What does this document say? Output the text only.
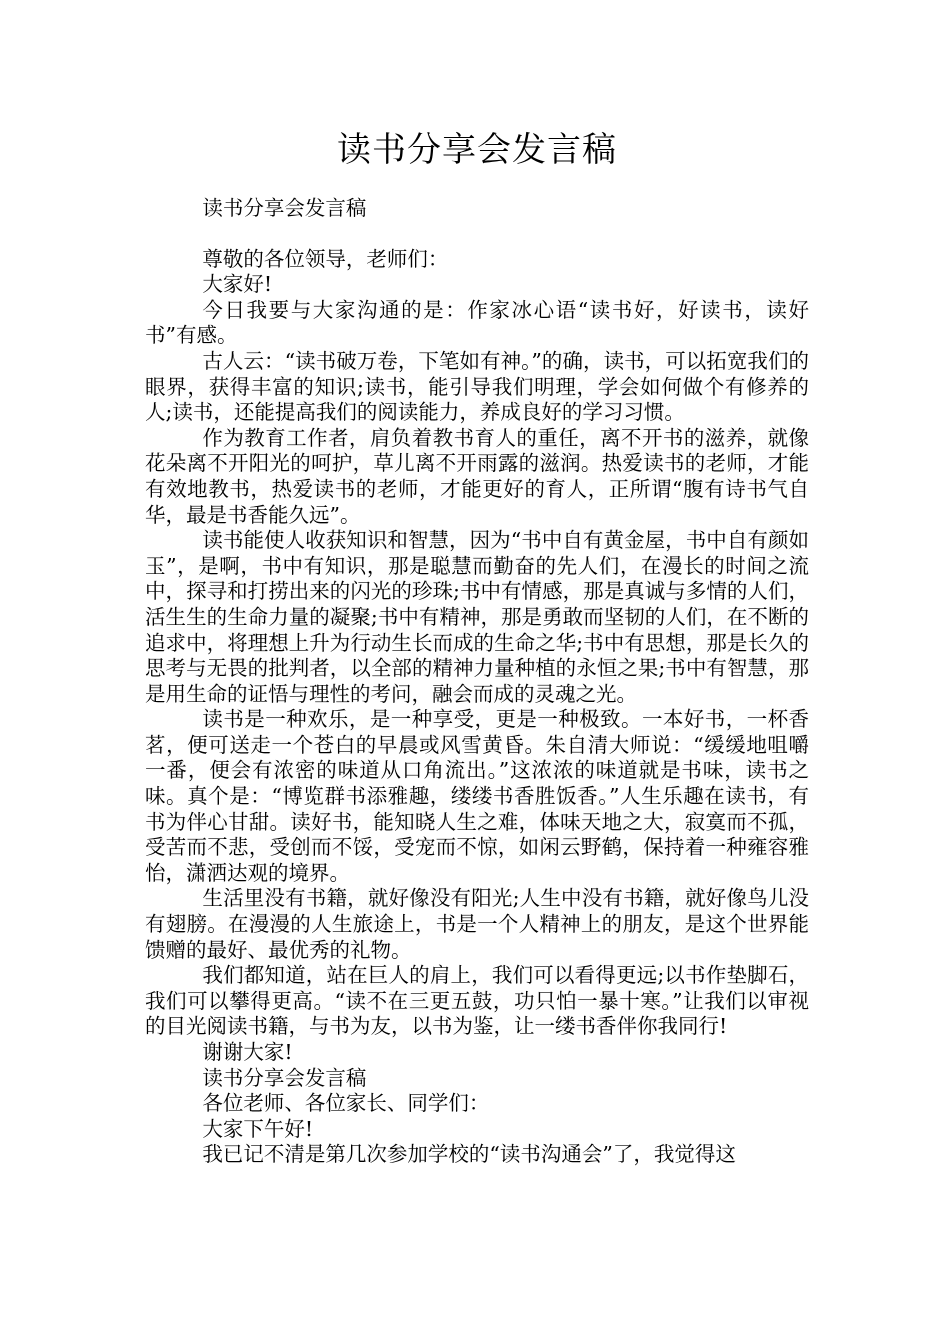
读书分享会发言稿

读书分享会发言稿

尊敬的各位领导，老师们：

大家好!

今日我要与大家沟通的是：作家冰心语“读书好，好读书，读好书”有感。

古人云：“读书破万卷，下笔如有神。”的确，读书，可以拓宽我们的眼界，获得丰富的知识;读书，能引导我们明理，学会如何做个有修养的人;读书，还能提高我们的阅读能力，养成良好的学习习惯。

作为教育工作者，肩负着教书育人的重任，离不开书的滋养，就像花朵离不开阳光的呵护，草儿离不开雨露的滋润。热爱读书的老师，才能有效地教书，热爱读书的老师，才能更好的育人，正所谓“腹有诗书气自华，最是书香能久远”。

读书能使人收获知识和智慧，因为“书中自有黄金屋，书中自有颜如玉”，是啊，书中有知识，那是聪慧而勤奋的先人们，在漫长的时间之流中，探寻和打捞出来的闪光的珍珠;书中有情感，那是真诚与多情的人们，活生生的生命力量的凝聚;书中有精神，那是勇敢而坚韧的人们，在不断的追求中，将理想上升为行动生长而成的生命之华;书中有思想，那是长久的思考与无畏的批判者，以全部的精神力量种植的永恒之果;书中有智慧，那是用生命的证悟与理性的考问，融会而成的灵魂之光。

读书是一种欢乐，是一种享受，更是一种极致。一本好书，一杯香茗，便可送走一个苍白的早晨或风雪黄昏。朱自清大师说：“缓缓地咀嚼一番，便会有浓密的味道从口角流出。”这浓浓的味道就是书味，读书之味。真个是：“博览群书添雅趣，缕缕书香胜饭香。”人生乐趣在读书，有书为伴心甘甜。读好书，能知晓人生之难，体味天地之大，寂寞而不孤，受苦而不悲，受创而不馁，受宠而不惊，如闲云野鹤，保持着一种雍容雅怡，潇洒达观的境界。

生活里没有书籍，就好像没有阳光;人生中没有书籍，就好像鸟儿没有翅膀。在漫漫的人生旅途上，书是一个人精神上的朋友，是这个世界能馈赠的最好、最优秀的礼物。

我们都知道，站在巨人的肩上，我们可以看得更远;以书作垫脚石，我们可以攀得更高。“读不在三更五鼓，功只怕一暴十寒。”让我们以审视的目光阅读书籍，与书为友，以书为鉴，让一缕书香伴你我同行!

谢谢大家!

读书分享会发言稿

各位老师、各位家长、同学们：

大家下午好!

我已记不清是第几次参加学校的“读书沟通会”了，我觉得这
